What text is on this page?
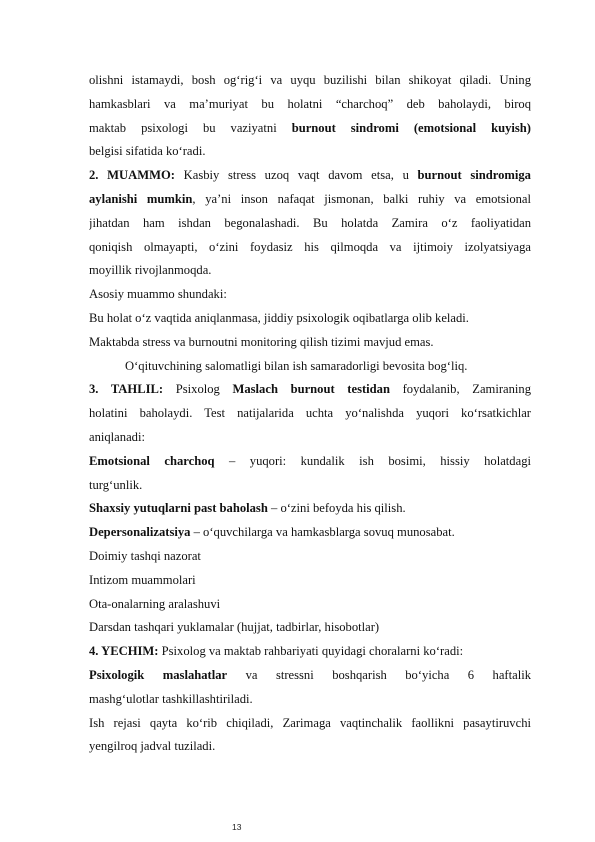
olishni istamaydi, bosh og‘rig‘i va uyqu buzilishi bilan shikoyat qiladi. Uning
hamkasblari va ma’muriyat bu holatni “charchoq” deb baholaydi, biroq
maktab psixologi bu vaziyatni burnout sindromi (emotsional kuyish)
belgisi sifatida ko‘radi.
2. MUAMMO: Kasbiy stress uzoq vaqt davom etsa, u burnout sindromiga
aylanishi mumkin, ya’ni inson nafaqat jismonan, balki ruhiy va emotsional
jihatdan ham ishdan begonalashadi. Bu holatda Zamira o‘z faoliyatidan
qoniqish olmayapti, o‘zini foydasiz his qilmoqda va ijtimoiy izolyatsiyaga
moyillik rivojlanmoqda.
Asosiy muammo shundaki:
Bu holat o‘z vaqtida aniqlanmasa, jiddiy psixologik oqibatlarga olib keladi.
Maktabda stress va burnoutni monitoring qilish tizimi mavjud emas.
O‘qituvchining salomatligi bilan ish samaradorligi bevosita bog‘liq.
3. TAHLIL: Psixolog Maslach burnout testidan foydalanib, Zamiraning
holatini baholaydi. Test natijalarida uchta yo‘nalishda yuqori ko‘rsatkichlar
aniqlanadi:
Emotsional charchoq – yuqori: kundalik ish bosimi, hissiy holatdagi
turg‘unlik.
Shaxsiy yutuqlarni past baholash – o‘zini befoyda his qilish.
Depersonalizatsiya – o‘quvchilarga va hamkasblarga sovuq munosabat.
Doimiy tashqi nazorat
Intizom muammolari
Ota-onalarning aralashuvi
Darsdan tashqari yuklamalar (hujjat, tadbirlar, hisobotlar)
4. YECHIM: Psixolog va maktab rahbariyati quyidagi choralarni ko‘radi:
Psixologik maslahatlar va stressni boshqarish bo‘yicha 6 haftalik
mashg‘ulotlar tashkillashtiriladi.
Ish rejasi qayta ko‘rib chiqiladi, Zarimaga vaqtinchalik faollikni pasaytiruvchi
yengilroq jadval tuziladi.
13
